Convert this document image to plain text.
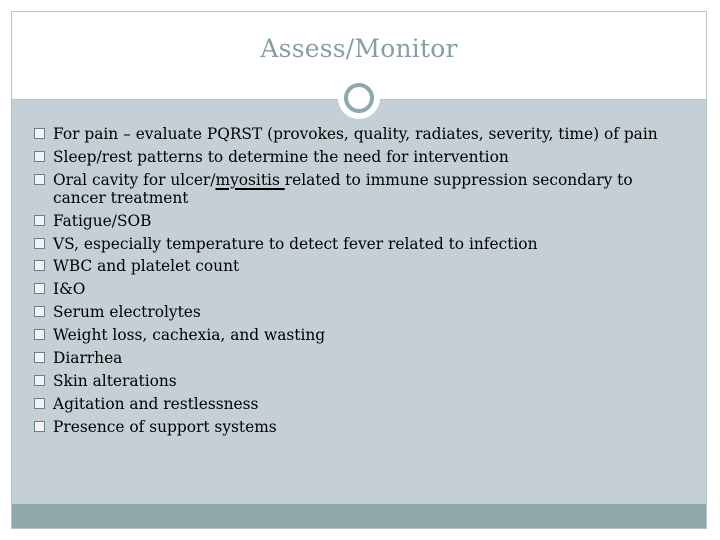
Assess/Monitor
For pain – evaluate PQRST (provokes, quality, radiates, severity, time) of pain
Sleep/rest patterns to determine the need for intervention
Oral cavity for ulcer/myositis related to immune suppression secondary to cancer treatment
Fatigue/SOB
VS, especially temperature to detect fever related to infection
WBC and platelet count
I&O
Serum electrolytes
Weight loss, cachexia, and wasting
Diarrhea
Skin alterations
Agitation and restlessness
Presence of support systems
